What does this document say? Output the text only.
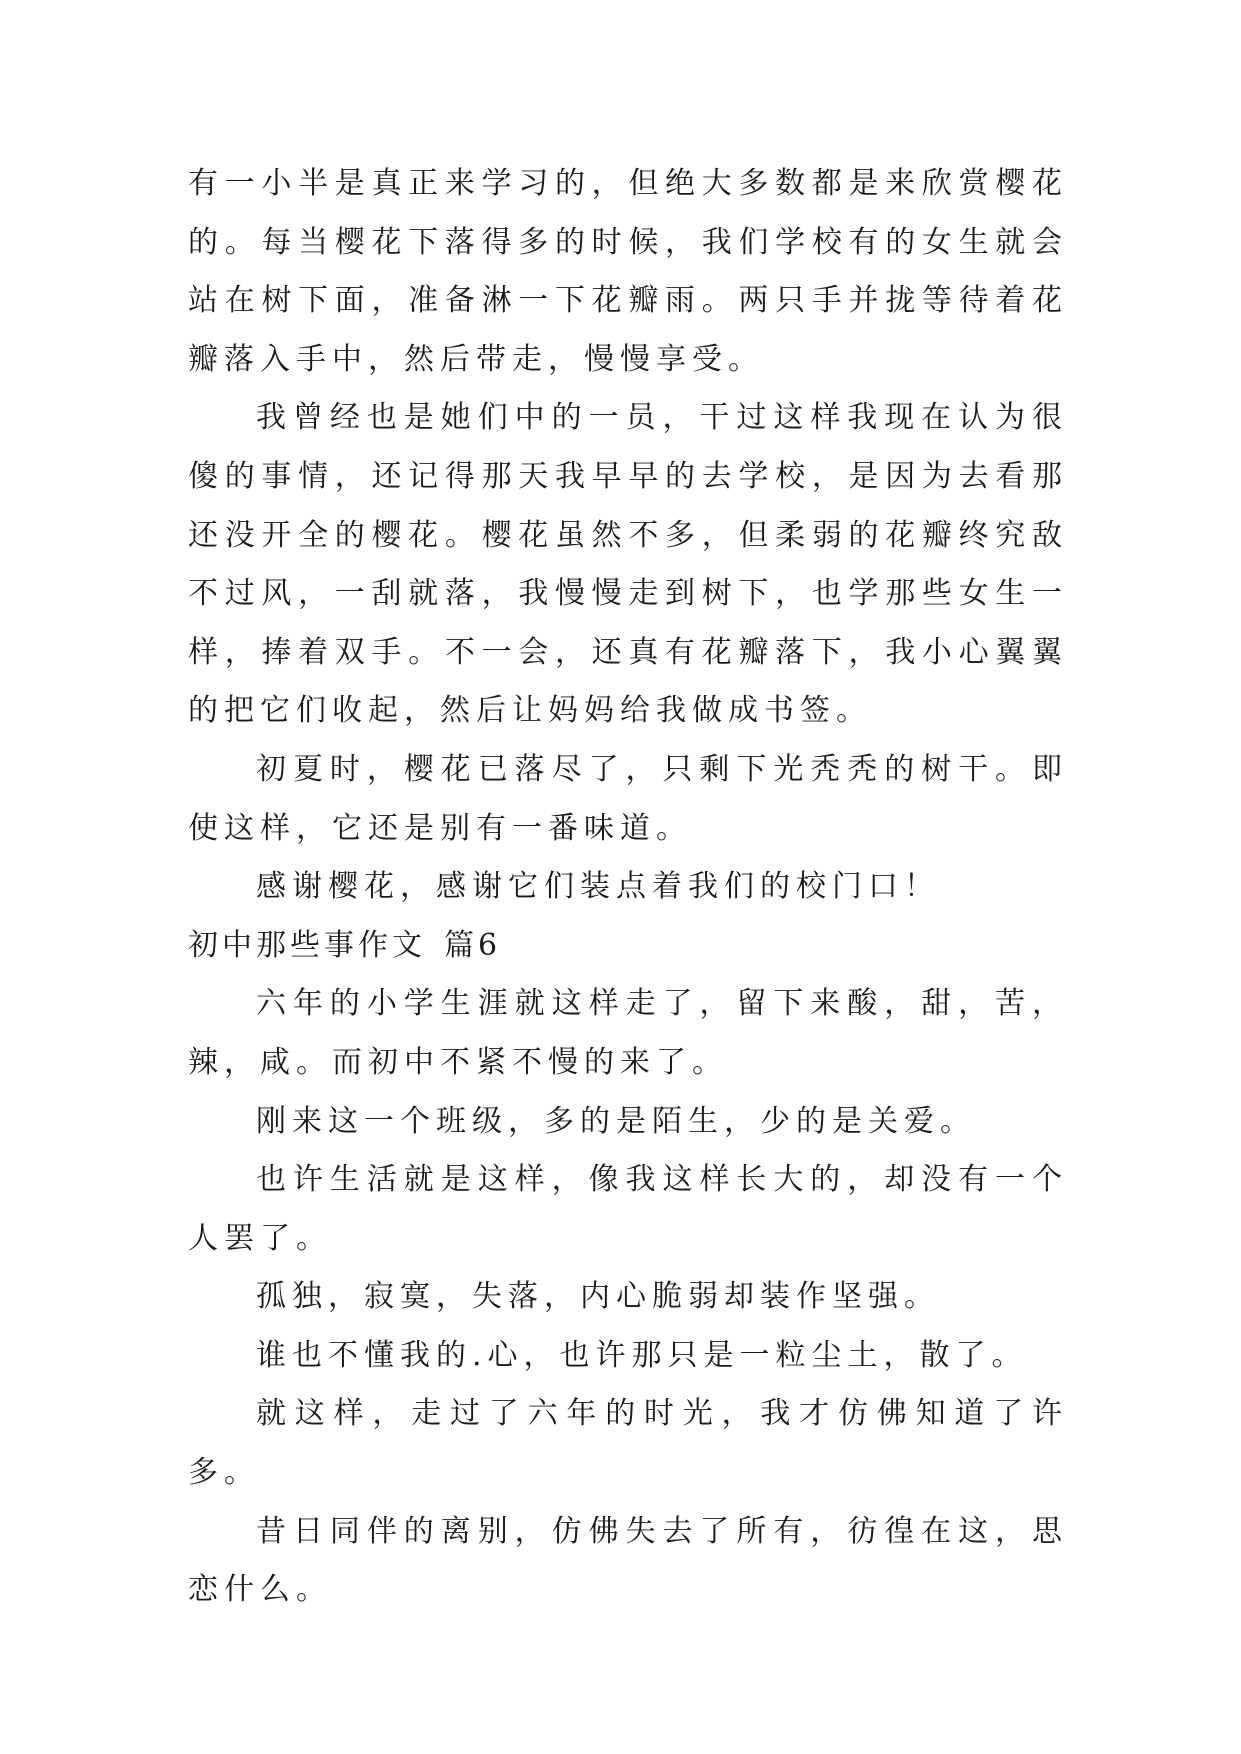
有一小半是真正来学习的，但绝大多数都是来欣赏樱花的。每当樱花下落得多的时候，我们学校有的女生就会站在树下面，准备淋一下花瓣雨。两只手并拢等待着花瓣落入手中，然后带走，慢慢享受。

我曾经也是她们中的一员，干过这样我现在认为很傻的事情，还记得那天我早早的去学校，是因为去看那还没开全的樱花。樱花虽然不多，但柔弱的花瓣终究敌不过风，一刮就落，我慢慢走到树下，也学那些女生一样，捧着双手。不一会，还真有花瓣落下，我小心翼翼的把它们收起，然后让妈妈给我做成书签。

初夏时，樱花已落尽了，只剩下光秃秃的树干。即使这样，它还是别有一番味道。

感谢樱花，感谢它们装点着我们的校门口！

初中那些事作文 篇6

六年的小学生涯就这样走了，留下来酸，甜，苦，辣，咸。而初中不紧不慢的来了。

刚来这一个班级，多的是陌生，少的是关爱。

也许生活就是这样，像我这样长大的，却没有一个人罢了。

孤独，寂寞，失落，内心脆弱却装作坚强。

谁也不懂我的.心，也许那只是一粒尘土，散了。

就这样，走过了六年的时光，我才仿佛知道了许多。

昔日同伴的离别，仿佛失去了所有，彷徨在这，思恋什么。
